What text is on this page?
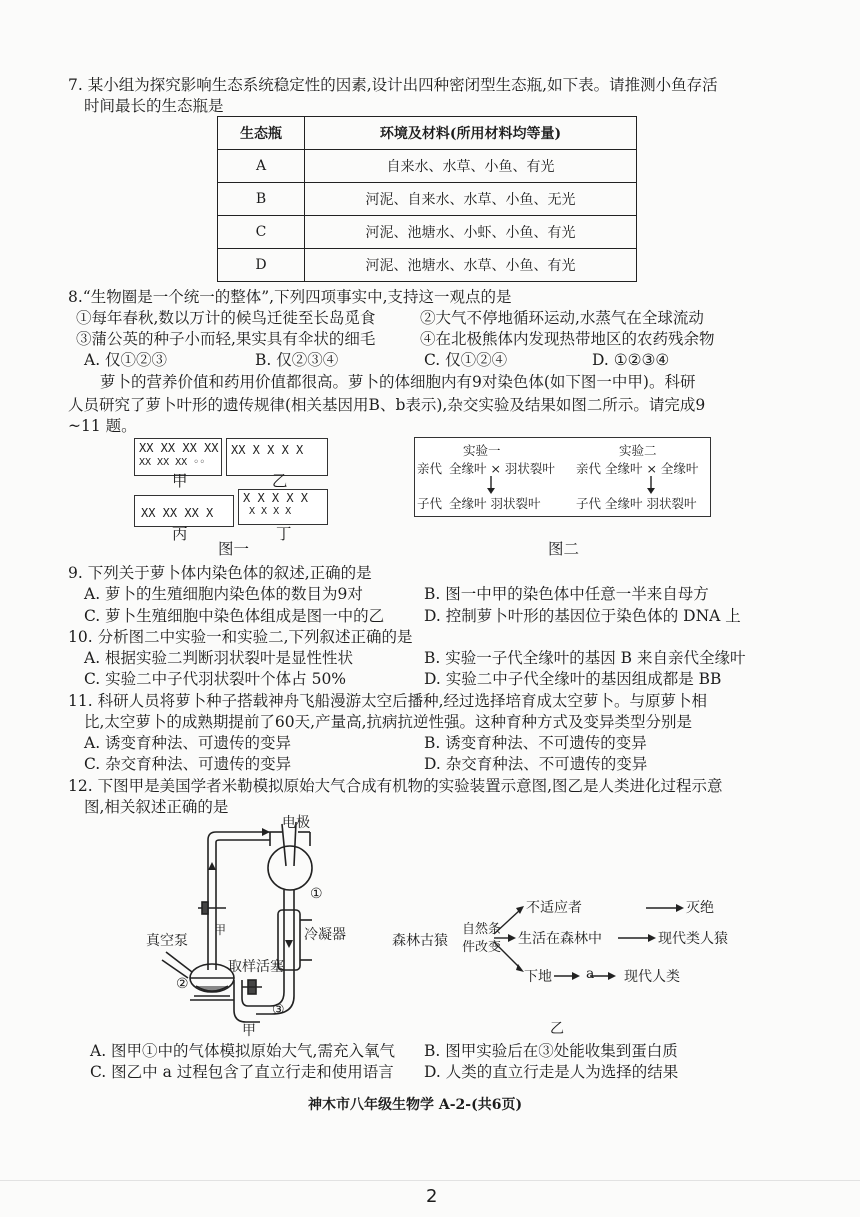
7. 某小组为探究影响生态系统稳定性的因素,设计出四种密闭型生态瓶,如下表。请推测小鱼存活
时间最长的生态瓶是
生态瓶	环境及材料(所用材料均等量)
A	自来水、水草、小鱼、有光
B	河泥、自来水、水草、小鱼、无光
C	河泥、池塘水、小虾、小鱼、有光
D	河泥、池塘水、水草、小鱼、有光
8.“生物圈是一个统一的整体”,下列四项事实中,支持这一观点的是
①每年春秋,数以万计的候鸟迁徙至长岛觅食	②大气不停地循环运动,水蒸气在全球流动
③蒲公英的种子小而轻,果实具有伞状的细毛	④在北极熊体内发现热带地区的农药残余物
A. 仅①②③	B. 仅②③④	C. 仅①②④	D. ①②③④
萝卜的营养价值和药用价值都很高。萝卜的体细胞内有9对染色体(如下图一中甲)。科研
人员研究了萝卜叶形的遗传规律(相关基因用B、b表示),杂交实验及结果如图二所示。请完成9
~11 题。
XX XX XX XX
XX XX XX ◦◦
XX X X X X
XX XX XX X
X X X X X
X X X X
甲	乙
丙	丁
图一
实验一	实验二
亲代 全缘叶 × 羽状裂叶 亲代 全缘叶 × 全缘叶
子代 全缘叶 羽状裂叶	子代 全缘叶 羽状裂叶
图二
9. 下列关于萝卜体内染色体的叙述,正确的是
A. 萝卜的生殖细胞内染色体的数目为9对	B. 图一中甲的染色体中任意一半来自母方
C. 萝卜生殖细胞中染色体组成是图一中的乙	D. 控制萝卜叶形的基因位于染色体的 DNA 上
10. 分析图二中实验一和实验二,下列叙述正确的是
A. 根据实验二判断羽状裂叶是显性性状	B. 实验一子代全缘叶的基因 B 来自亲代全缘叶
C. 实验二中子代羽状裂叶个体占 50%	D. 实验二中子代全缘叶的基因组成都是 BB
11. 科研人员将萝卜种子搭载神舟飞船漫游太空后播种,经过选择培育成太空萝卜。与原萝卜相
比,太空萝卜的成熟期提前了60天,产量高,抗病抗逆性强。这种育种方式及变异类型分别是
A. 诱变育种法、可遗传的变异	B. 诱变育种法、不可遗传的变异
C. 杂交育种法、可遗传的变异	D. 杂交育种法、不可遗传的变异
12. 下图甲是美国学者米勒模拟原始大气合成有机物的实验装置示意图,图乙是人类进化过程示意
图,相关叙述正确的是
甲
电极
①
真空泵	冷凝器
取样活塞
②
③
甲
森林古猿
自然条
件改变
不适应者	灭绝
生活在森林中	现代类人猿
下地 a 现代人类
乙
A. 图甲①中的气体模拟原始大气,需充入氧气 B. 图甲实验后在③处能收集到蛋白质
C. 图乙中 a 过程包含了直立行走和使用语言 D. 人类的直立行走是人为选择的结果
神木市八年级生物学 A-2-(共6页)
2
